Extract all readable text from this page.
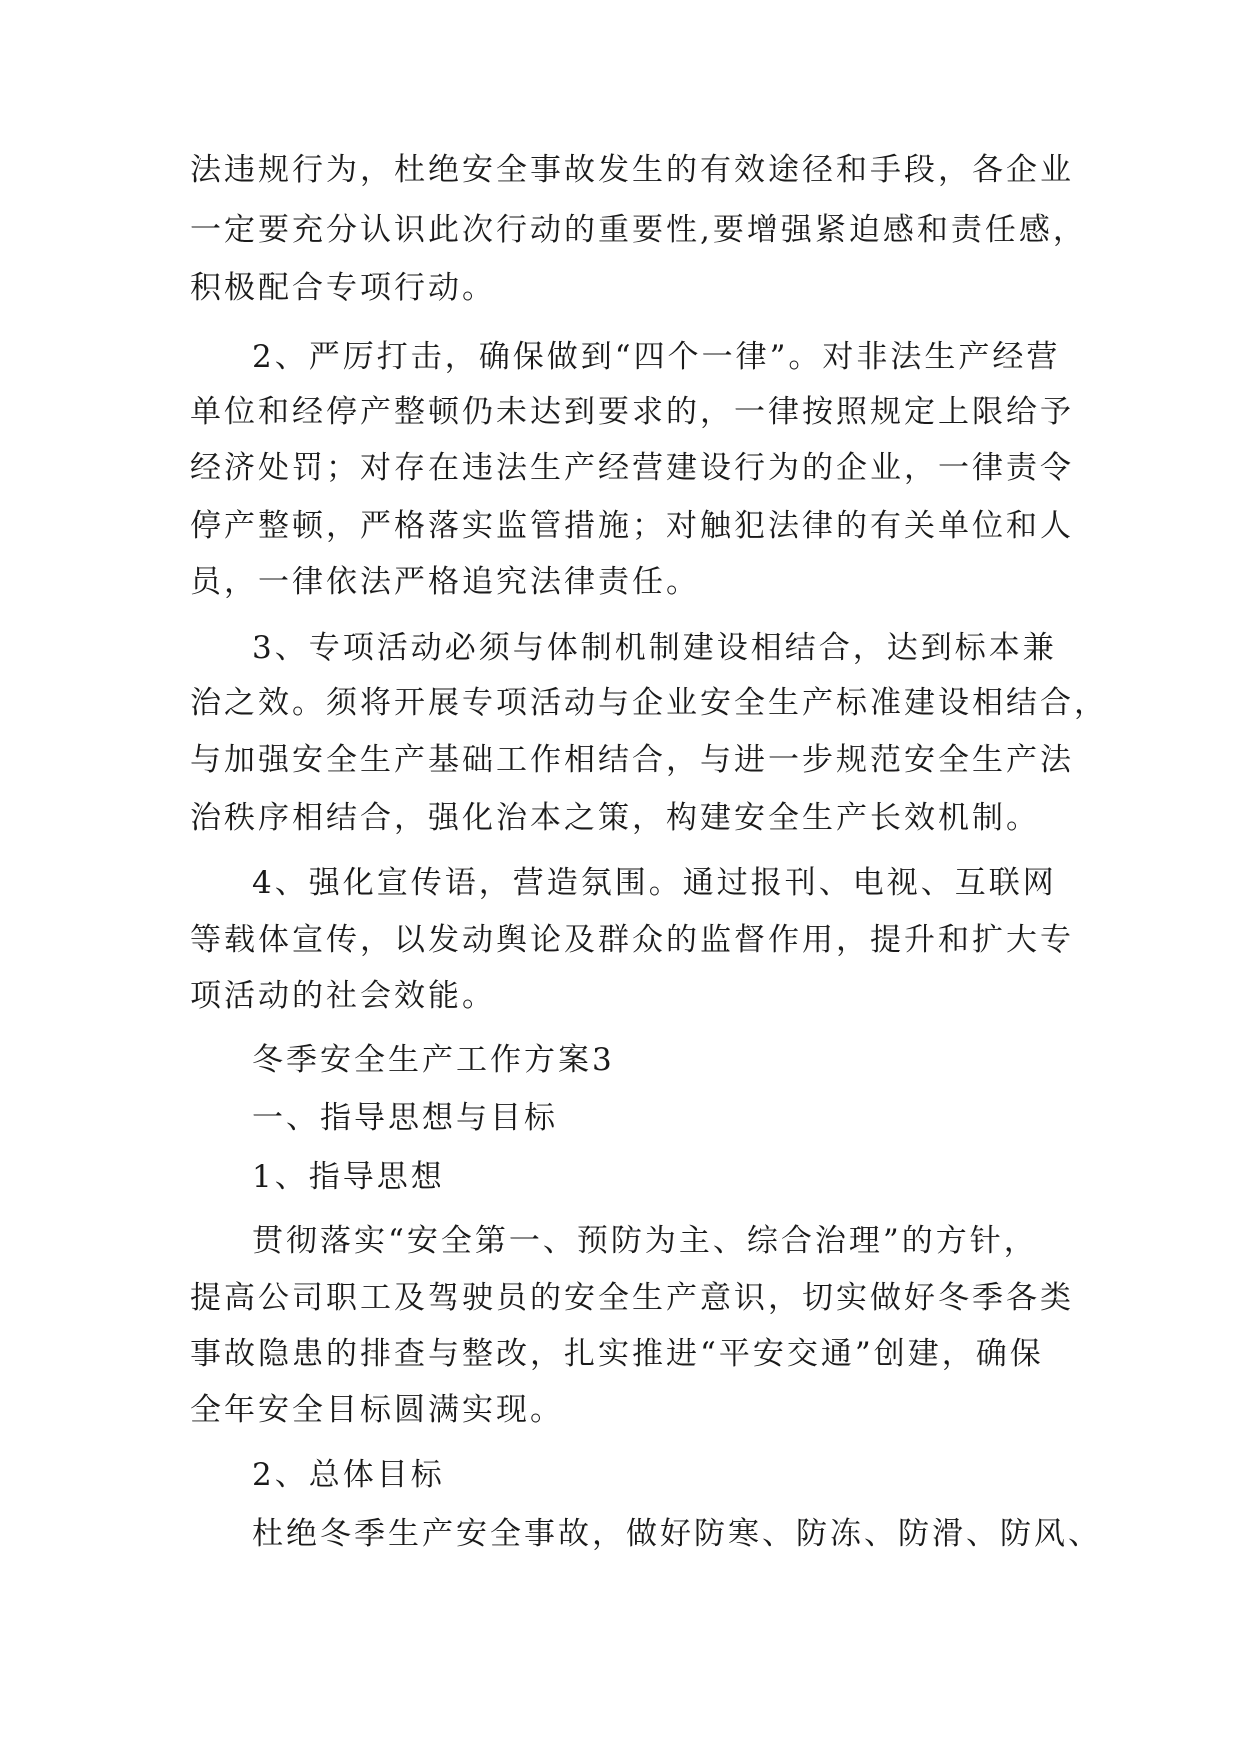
法违规行为，杜绝安全事故发生的有效途径和手段，各企业
一定要充分认识此次行动的重要性,要增强紧迫感和责任感，
积极配合专项行动。
2、严厉打击，确保做到“四个一律”。对非法生产经营
单位和经停产整顿仍未达到要求的，一律按照规定上限给予
经济处罚；对存在违法生产经营建设行为的企业，一律责令
停产整顿，严格落实监管措施；对触犯法律的有关单位和人
员，一律依法严格追究法律责任。
3、专项活动必须与体制机制建设相结合，达到标本兼
治之效。须将开展专项活动与企业安全生产标准建设相结合，
与加强安全生产基础工作相结合，与进一步规范安全生产法
治秩序相结合，强化治本之策，构建安全生产长效机制。
4、强化宣传语，营造氛围。通过报刊、电视、互联网
等载体宣传，以发动舆论及群众的监督作用，提升和扩大专
项活动的社会效能。
冬季安全生产工作方案3
一、指导思想与目标
1、指导思想
贯彻落实“安全第一、预防为主、综合治理”的方针，
提高公司职工及驾驶员的安全生产意识，切实做好冬季各类
事故隐患的排查与整改，扎实推进“平安交通”创建，确保
全年安全目标圆满实现。
2、总体目标
杜绝冬季生产安全事故，做好防寒、防冻、防滑、防风、
